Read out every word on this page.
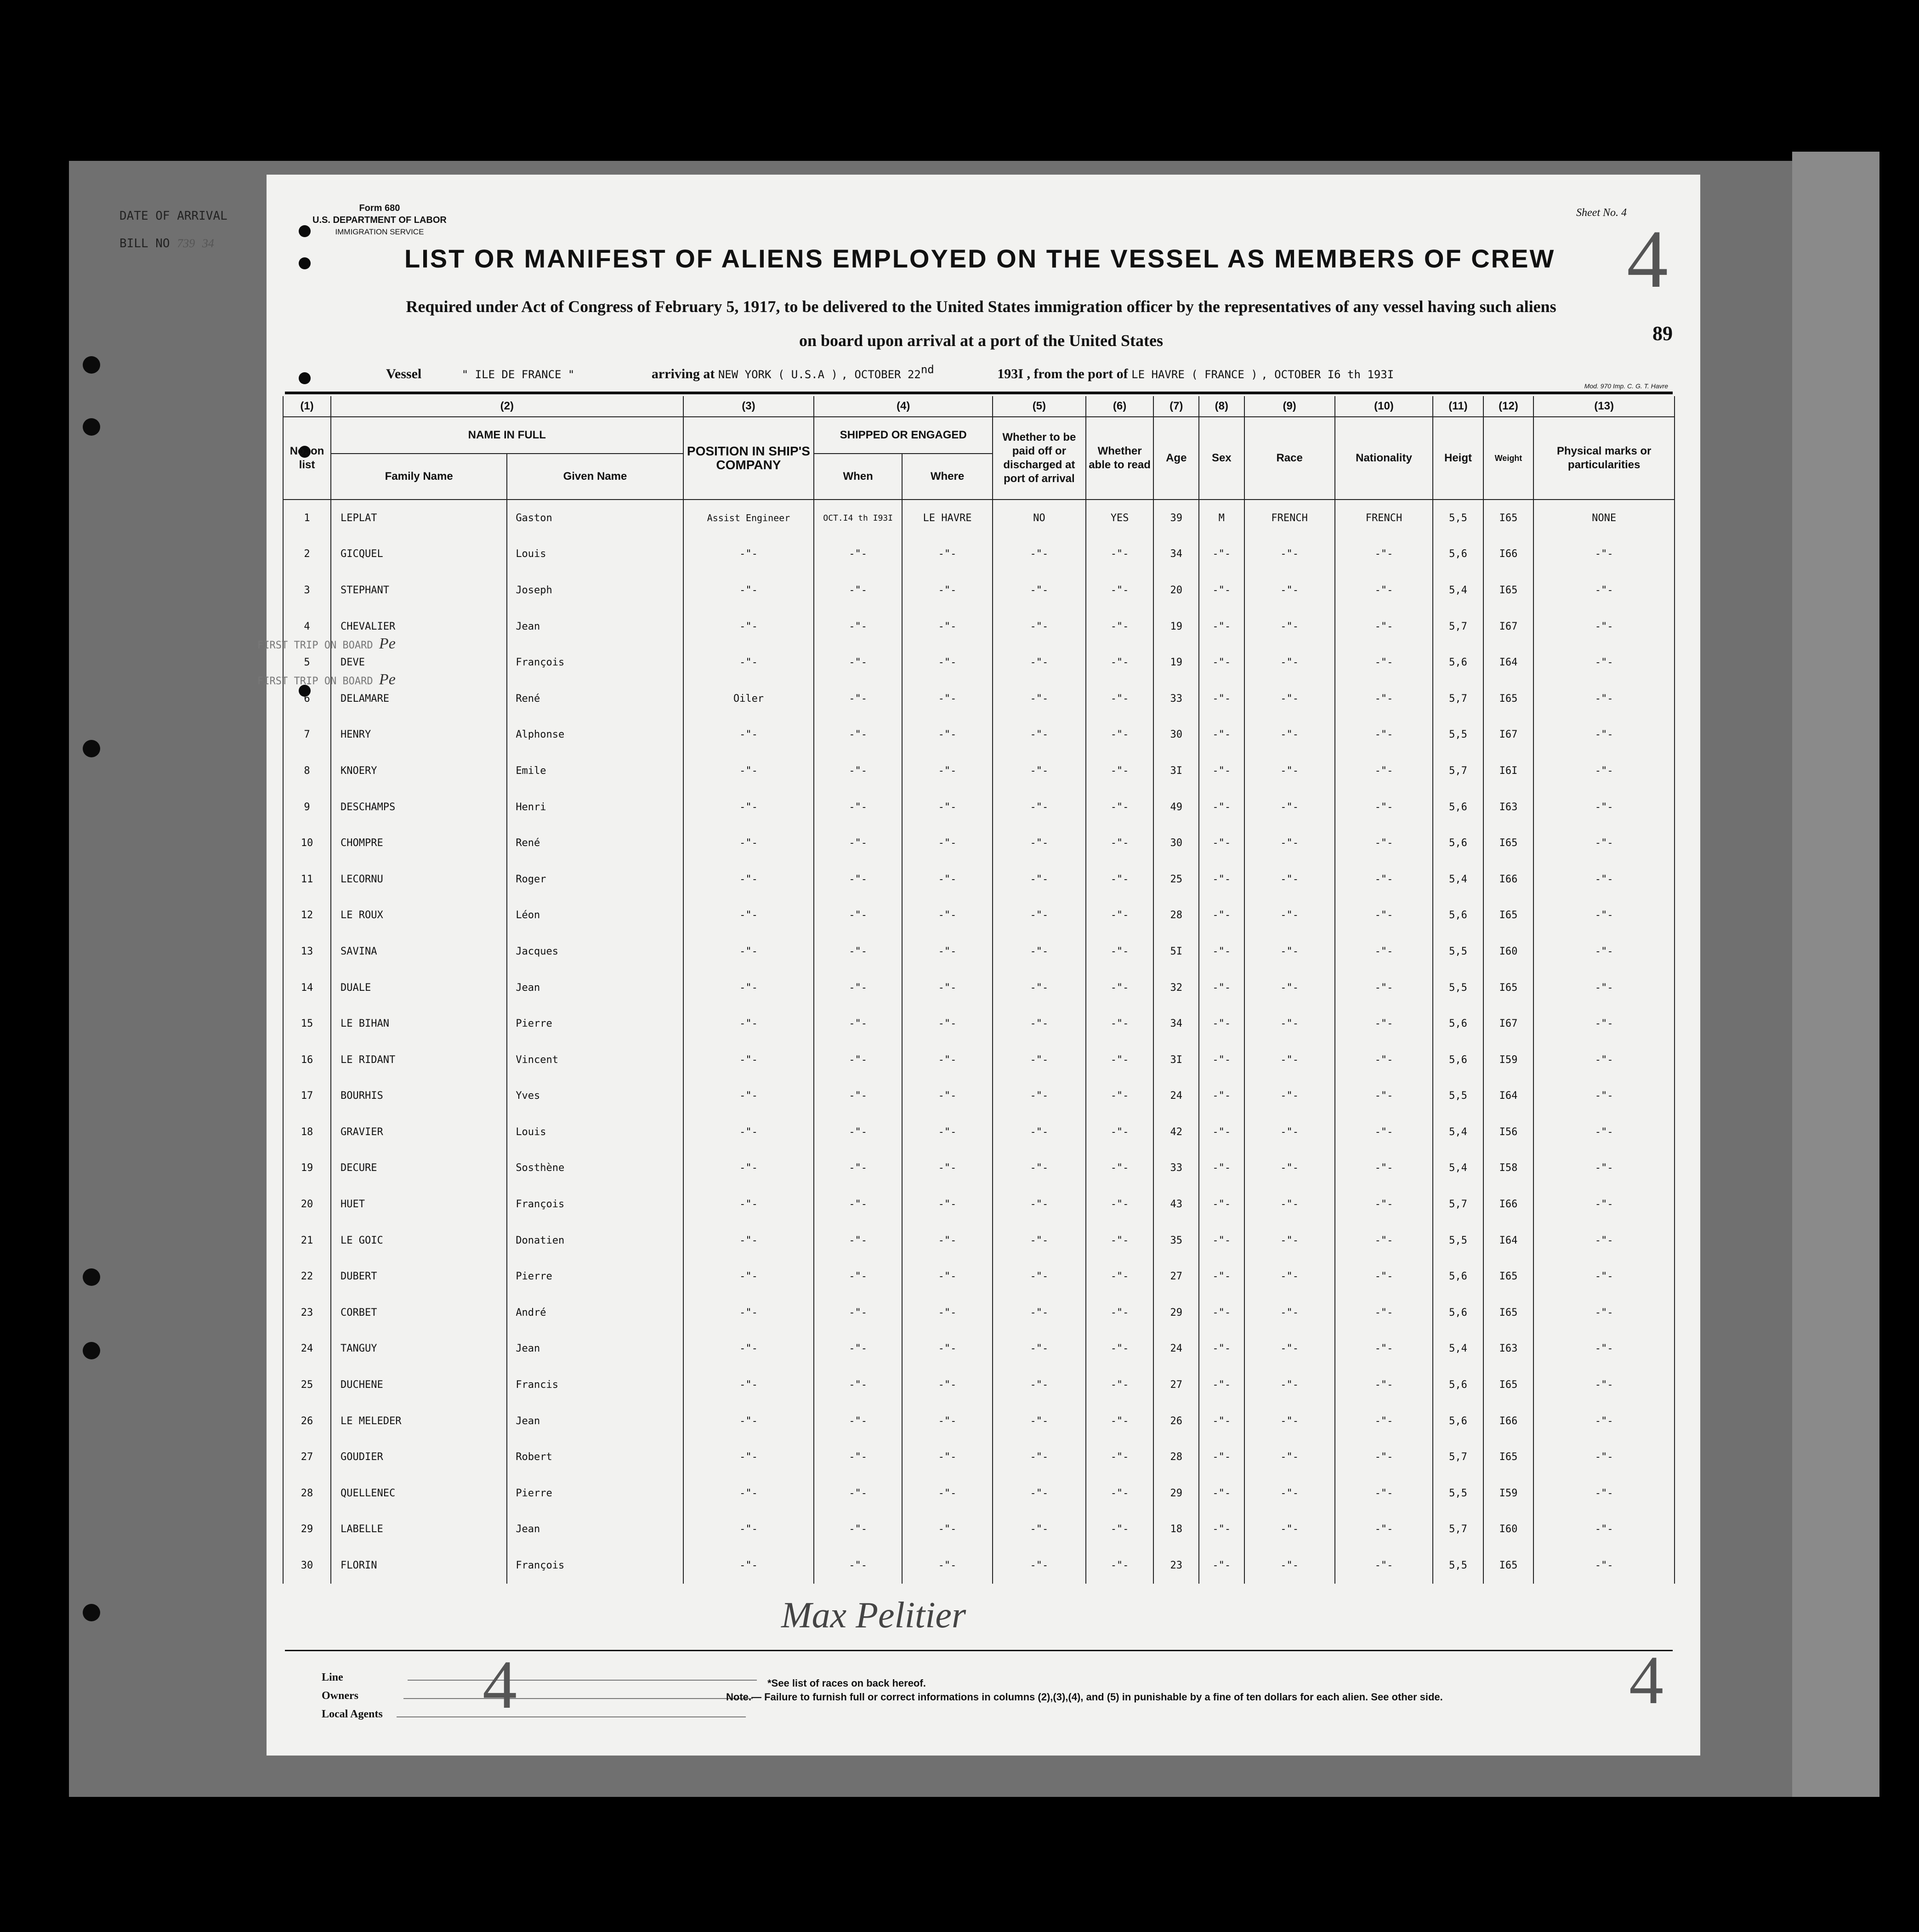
DATE OF ARRIVAL
BILL NO 739 34
Form 680
U.S. DEPARTMENT OF LABOR
IMMIGRATION SERVICE
Sheet No. 4
4
89
LIST OR MANIFEST OF ALIENS EMPLOYED ON THE VESSEL AS MEMBERS OF CREW
Required under Act of Congress of February 5, 1917, to be delivered to the United States immigration officer by the representatives of any vessel having such aliens
on board upon arrival at a port of the United States
Vessel	" ILE DE FRANCE "	arriving at NEW YORK ( U.S.A ) , OCTOBER 22nd	193I , from the port of LE HAVRE ( FRANCE ) , OCTOBER I6 th 193I
Mod. 970 Imp. C. G. T. Havre
(1)	(2)		(3)	(4)		(5)	(6)	(7)	(8)	(9)	(10)	(11)	(12)	(13)
No. on list	NAME IN FULL		POSITION IN SHIP'S COMPANY	SHIPPED OR ENGAGED		Whether to be paid off or discharged at port of arrival	Whether able to read	Age	Sex	Race	Nationality	Heigt	Weight	Physical marks or particularities
	Family Name	Given Name		When	Where									
1	LEPLAT	Gaston	Assist Engineer	OCT.I4 th I93I	LE HAVRE	NO	YES	39	M	FRENCH	FRENCH	5,5	I65	NONE
2	GICQUEL	Louis	-"-	-"-	-"-	-"-	-"-	34	-"-	-"-	-"-	5,6	I66	-"-
3	STEPHANT	Joseph	-"-	-"-	-"-	-"-	-"-	20	-"-	-"-	-"-	5,4	I65	-"-
4	CHEVALIER	Jean	-"-	-"-	-"-	-"-	-"-	19	-"-	-"-	-"-	5,7	I67	-"-
5	DEVE	François	-"-	-"-	-"-	-"-	-"-	19	-"-	-"-	-"-	5,6	I64	-"-
6	DELAMARE	René	Oiler	-"-	-"-	-"-	-"-	33	-"-	-"-	-"-	5,7	I65	-"-
7	HENRY	Alphonse	-"-	-"-	-"-	-"-	-"-	30	-"-	-"-	-"-	5,5	I67	-"-
8	KNOERY	Emile	-"-	-"-	-"-	-"-	-"-	3I	-"-	-"-	-"-	5,7	I6I	-"-
9	DESCHAMPS	Henri	-"-	-"-	-"-	-"-	-"-	49	-"-	-"-	-"-	5,6	I63	-"-
10	CHOMPRE	René	-"-	-"-	-"-	-"-	-"-	30	-"-	-"-	-"-	5,6	I65	-"-
11	LECORNU	Roger	-"-	-"-	-"-	-"-	-"-	25	-"-	-"-	-"-	5,4	I66	-"-
12	LE ROUX	Léon	-"-	-"-	-"-	-"-	-"-	28	-"-	-"-	-"-	5,6	I65	-"-
13	SAVINA	Jacques	-"-	-"-	-"-	-"-	-"-	5I	-"-	-"-	-"-	5,5	I60	-"-
14	DUALE	Jean	-"-	-"-	-"-	-"-	-"-	32	-"-	-"-	-"-	5,5	I65	-"-
15	LE BIHAN	Pierre	-"-	-"-	-"-	-"-	-"-	34	-"-	-"-	-"-	5,6	I67	-"-
16	LE RIDANT	Vincent	-"-	-"-	-"-	-"-	-"-	3I	-"-	-"-	-"-	5,6	I59	-"-
17	BOURHIS	Yves	-"-	-"-	-"-	-"-	-"-	24	-"-	-"-	-"-	5,5	I64	-"-
18	GRAVIER	Louis	-"-	-"-	-"-	-"-	-"-	42	-"-	-"-	-"-	5,4	I56	-"-
19	DECURE	Sosthène	-"-	-"-	-"-	-"-	-"-	33	-"-	-"-	-"-	5,4	I58	-"-
20	HUET	François	-"-	-"-	-"-	-"-	-"-	43	-"-	-"-	-"-	5,7	I66	-"-
21	LE GOIC	Donatien	-"-	-"-	-"-	-"-	-"-	35	-"-	-"-	-"-	5,5	I64	-"-
22	DUBERT	Pierre	-"-	-"-	-"-	-"-	-"-	27	-"-	-"-	-"-	5,6	I65	-"-
23	CORBET	André	-"-	-"-	-"-	-"-	-"-	29	-"-	-"-	-"-	5,6	I65	-"-
24	TANGUY	Jean	-"-	-"-	-"-	-"-	-"-	24	-"-	-"-	-"-	5,4	I63	-"-
25	DUCHENE	Francis	-"-	-"-	-"-	-"-	-"-	27	-"-	-"-	-"-	5,6	I65	-"-
26	LE MELEDER	Jean	-"-	-"-	-"-	-"-	-"-	26	-"-	-"-	-"-	5,6	I66	-"-
27	GOUDIER	Robert	-"-	-"-	-"-	-"-	-"-	28	-"-	-"-	-"-	5,7	I65	-"-
28	QUELLENEC	Pierre	-"-	-"-	-"-	-"-	-"-	29	-"-	-"-	-"-	5,5	I59	-"-
29	LABELLE	Jean	-"-	-"-	-"-	-"-	-"-	18	-"-	-"-	-"-	5,7	I60	-"-
30	FLORIN	François	-"-	-"-	-"-	-"-	-"-	23	-"-	-"-	-"-	5,5	I65	-"-
FIRST TRIP ON BOARD Pe
FIRST TRIP ON BOARD Pe
Max Pelitier
Line
Owners
Local Agents	4	4
*See list of races on back hereof.
Note.— Failure to furnish full or correct informations in columns (2),(3),(4), and (5) in punishable by a fine of ten dollars for each alien. See other side.
